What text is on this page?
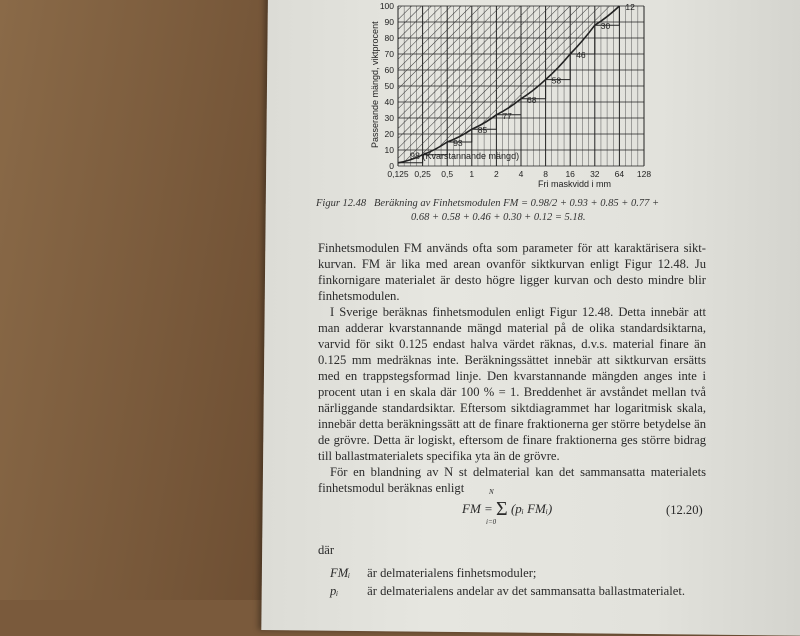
0
10
20
30
40
50
60
70
80
90
100
0,125 0,25 0,5 1 2 4 8 16 32 64 128
93
85
77
68
58
46
30
12
98 (Kvarstannande mängd)
Passerande mängd, viktprocent
Fri maskvidd i mm
Figur 12.48 Beräkning av Finhetsmodulen FM = 0.98/2 + 0.93 + 0.85 + 0.77 +
0.68 + 0.58 + 0.46 + 0.30 + 0.12 = 5.18.

Finhetsmodulen FM används ofta som parameter för att karaktärisera sikt-kurvan. FM är lika med arean ovanför siktkurvan enligt Figur 12.48. Ju finkornigare materialet är desto högre ligger kurvan och desto mindre blir finhetsmodulen.

I Sverige beräknas finhetsmodulen enligt Figur 12.48. Detta innebär att man adderar kvarstannande mängd material på de olika standardsiktarna, varvid för sikt 0.125 endast halva värdet räknas, d.v.s. material finare än 0.125 mm medräknas inte. Beräkningssättet innebär att siktkurvan ersätts med en trappstegsformad linje. Den kvarstannande mängden anges inte i procent utan i en skala där 100 % = 1. Breddenhet är avståndet mellan två närliggande standardsiktar. Eftersom siktdiagrammet har logaritmisk skala, innebär detta beräkningssätt att de finare fraktionerna ger större betydelse än de grövre. Detta är logiskt, eftersom de finare fraktionerna ges större bidrag till ballastmaterialets specifika yta än de grövre.

För en blandning av N st delmaterial kan det sammansatta materialets finhetsmodul beräknas enligt

FM = Σ
N
i=0
(pᵢ FMᵢ)	(12.20)
där
FMᵢ är delmaterialens finhetsmoduler;
pᵢ är delmaterialens andelar av det sammansatta ballastmaterialet.
